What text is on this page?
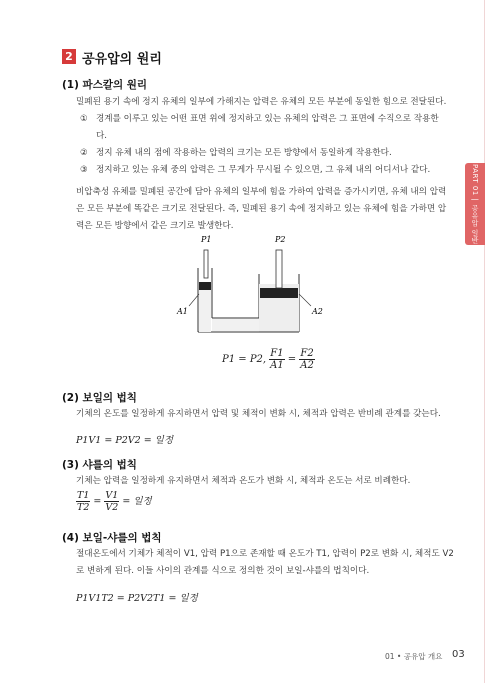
2 공유압의 원리
(1) 파스칼의 원리
밀폐된 용기 속에 정지 유체의 일부에 가해지는 압력은 유체의 모든 부분에 동일한 힘으로 전달된다.
① 경계를 이루고 있는 어떤 표면 위에 정지하고 있는 유체의 압력은 그 표면에 수직으로 작용한다.
② 정지 유체 내의 점에 작용하는 압력의 크기는 모든 방향에서 동일하게 작용한다.
③ 정지하고 있는 유체 중의 압력은 그 무게가 무시될 수 있으면, 그 유체 내의 어디서나 같다.
비압축성 유체를 밀폐된 공간에 담아 유체의 일부에 힘을 가하여 압력을 증가시키면, 유체 내의 압력은 모든 부분에 똑같은 크기로 전달된다. 즉, 밀폐된 용기 속에 정지하고 있는 유체에 힘을 가하면 압력은 모든 방향에서 같은 크기로 발생한다.
P1	P2
A1	A2
P1 = P2, $\frac{F1}{A1} = \frac{F2}{A2}$
(2) 보일의 법칙
기체의 온도를 일정하게 유지하면서 압력 및 체적이 변화 시, 체적과 압력은 반비례 관계를 갖는다.
P1V1 = P2V2 = 일정
(3) 샤를의 법칙
기체는 압력을 일정하게 유지하면서 체적과 온도가 변화 시, 체적과 온도는 서로 비례한다.
$\frac{T1}{T2} = \frac{V1}{V2}$ = 일정
(4) 보일-샤를의 법칙
절대온도에서 기체가 체적이 V1, 압력 P1으로 존재할 때 온도가 T1, 압력이 P2로 변화 시, 체적도 V2로 변하게 된다. 이들 사이의 관계를 식으로 정의한 것이 보일-샤를의 법칙이다.
P1V1T2 = P2V2T1 = 일정
PART 01 | 공유압 일반
01 • 공유압 개요 03
